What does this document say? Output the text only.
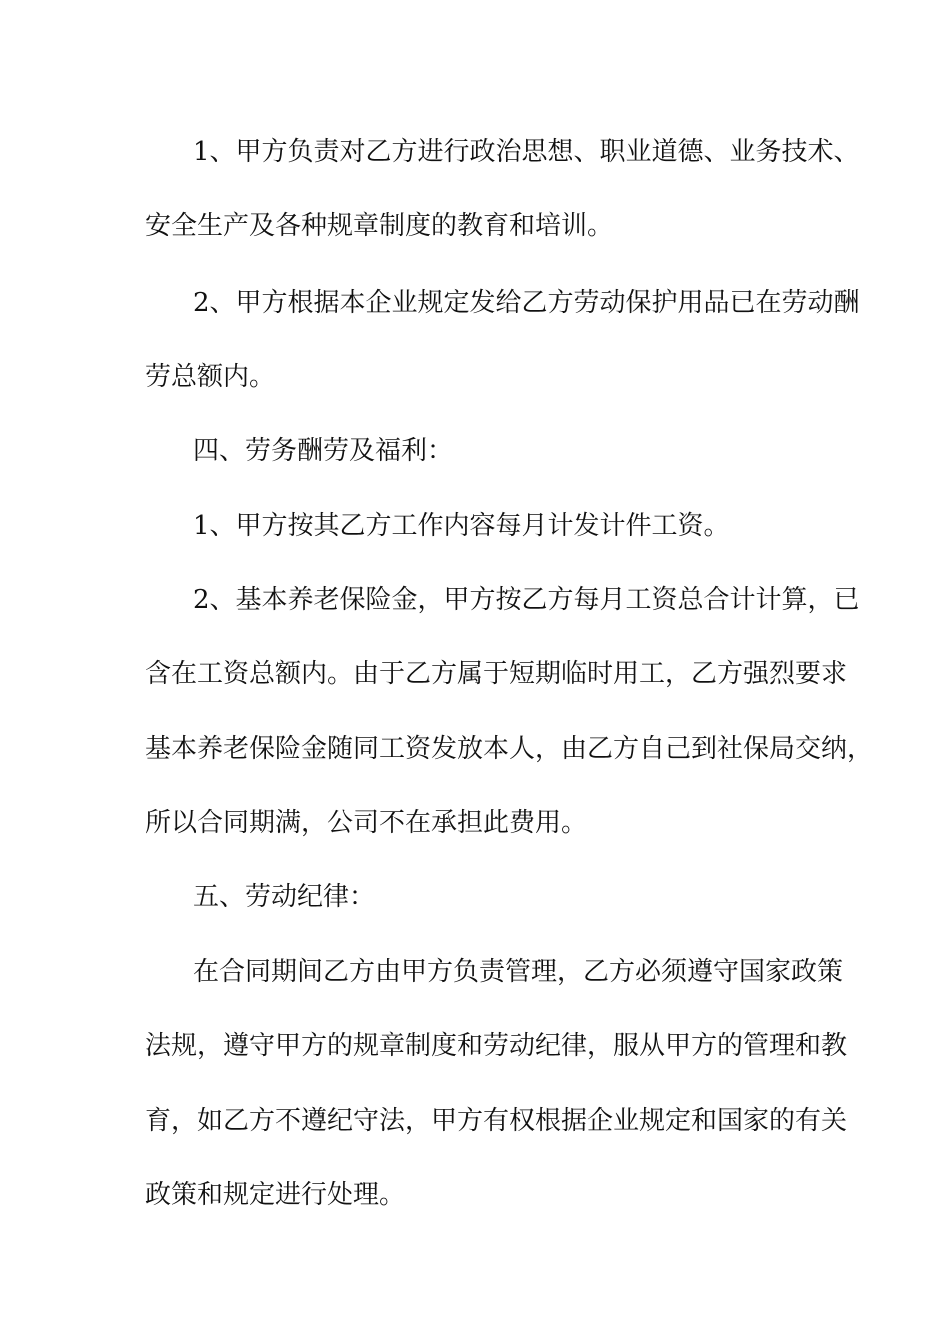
1、甲方负责对乙方进行政治思想、职业道德、业务技术、
安全生产及各种规章制度的教育和培训。
2、甲方根据本企业规定发给乙方劳动保护用品已在劳动酬
劳总额内。
四、劳务酬劳及福利：
1、甲方按其乙方工作内容每月计发计件工资。
2、基本养老保险金，甲方按乙方每月工资总合计计算，已
含在工资总额内。由于乙方属于短期临时用工，乙方强烈要求
基本养老保险金随同工资发放本人，由乙方自己到社保局交纳，
所以合同期满，公司不在承担此费用。
五、劳动纪律：
在合同期间乙方由甲方负责管理，乙方必须遵守国家政策
法规，遵守甲方的规章制度和劳动纪律，服从甲方的管理和教
育，如乙方不遵纪守法，甲方有权根据企业规定和国家的有关
政策和规定进行处理。
